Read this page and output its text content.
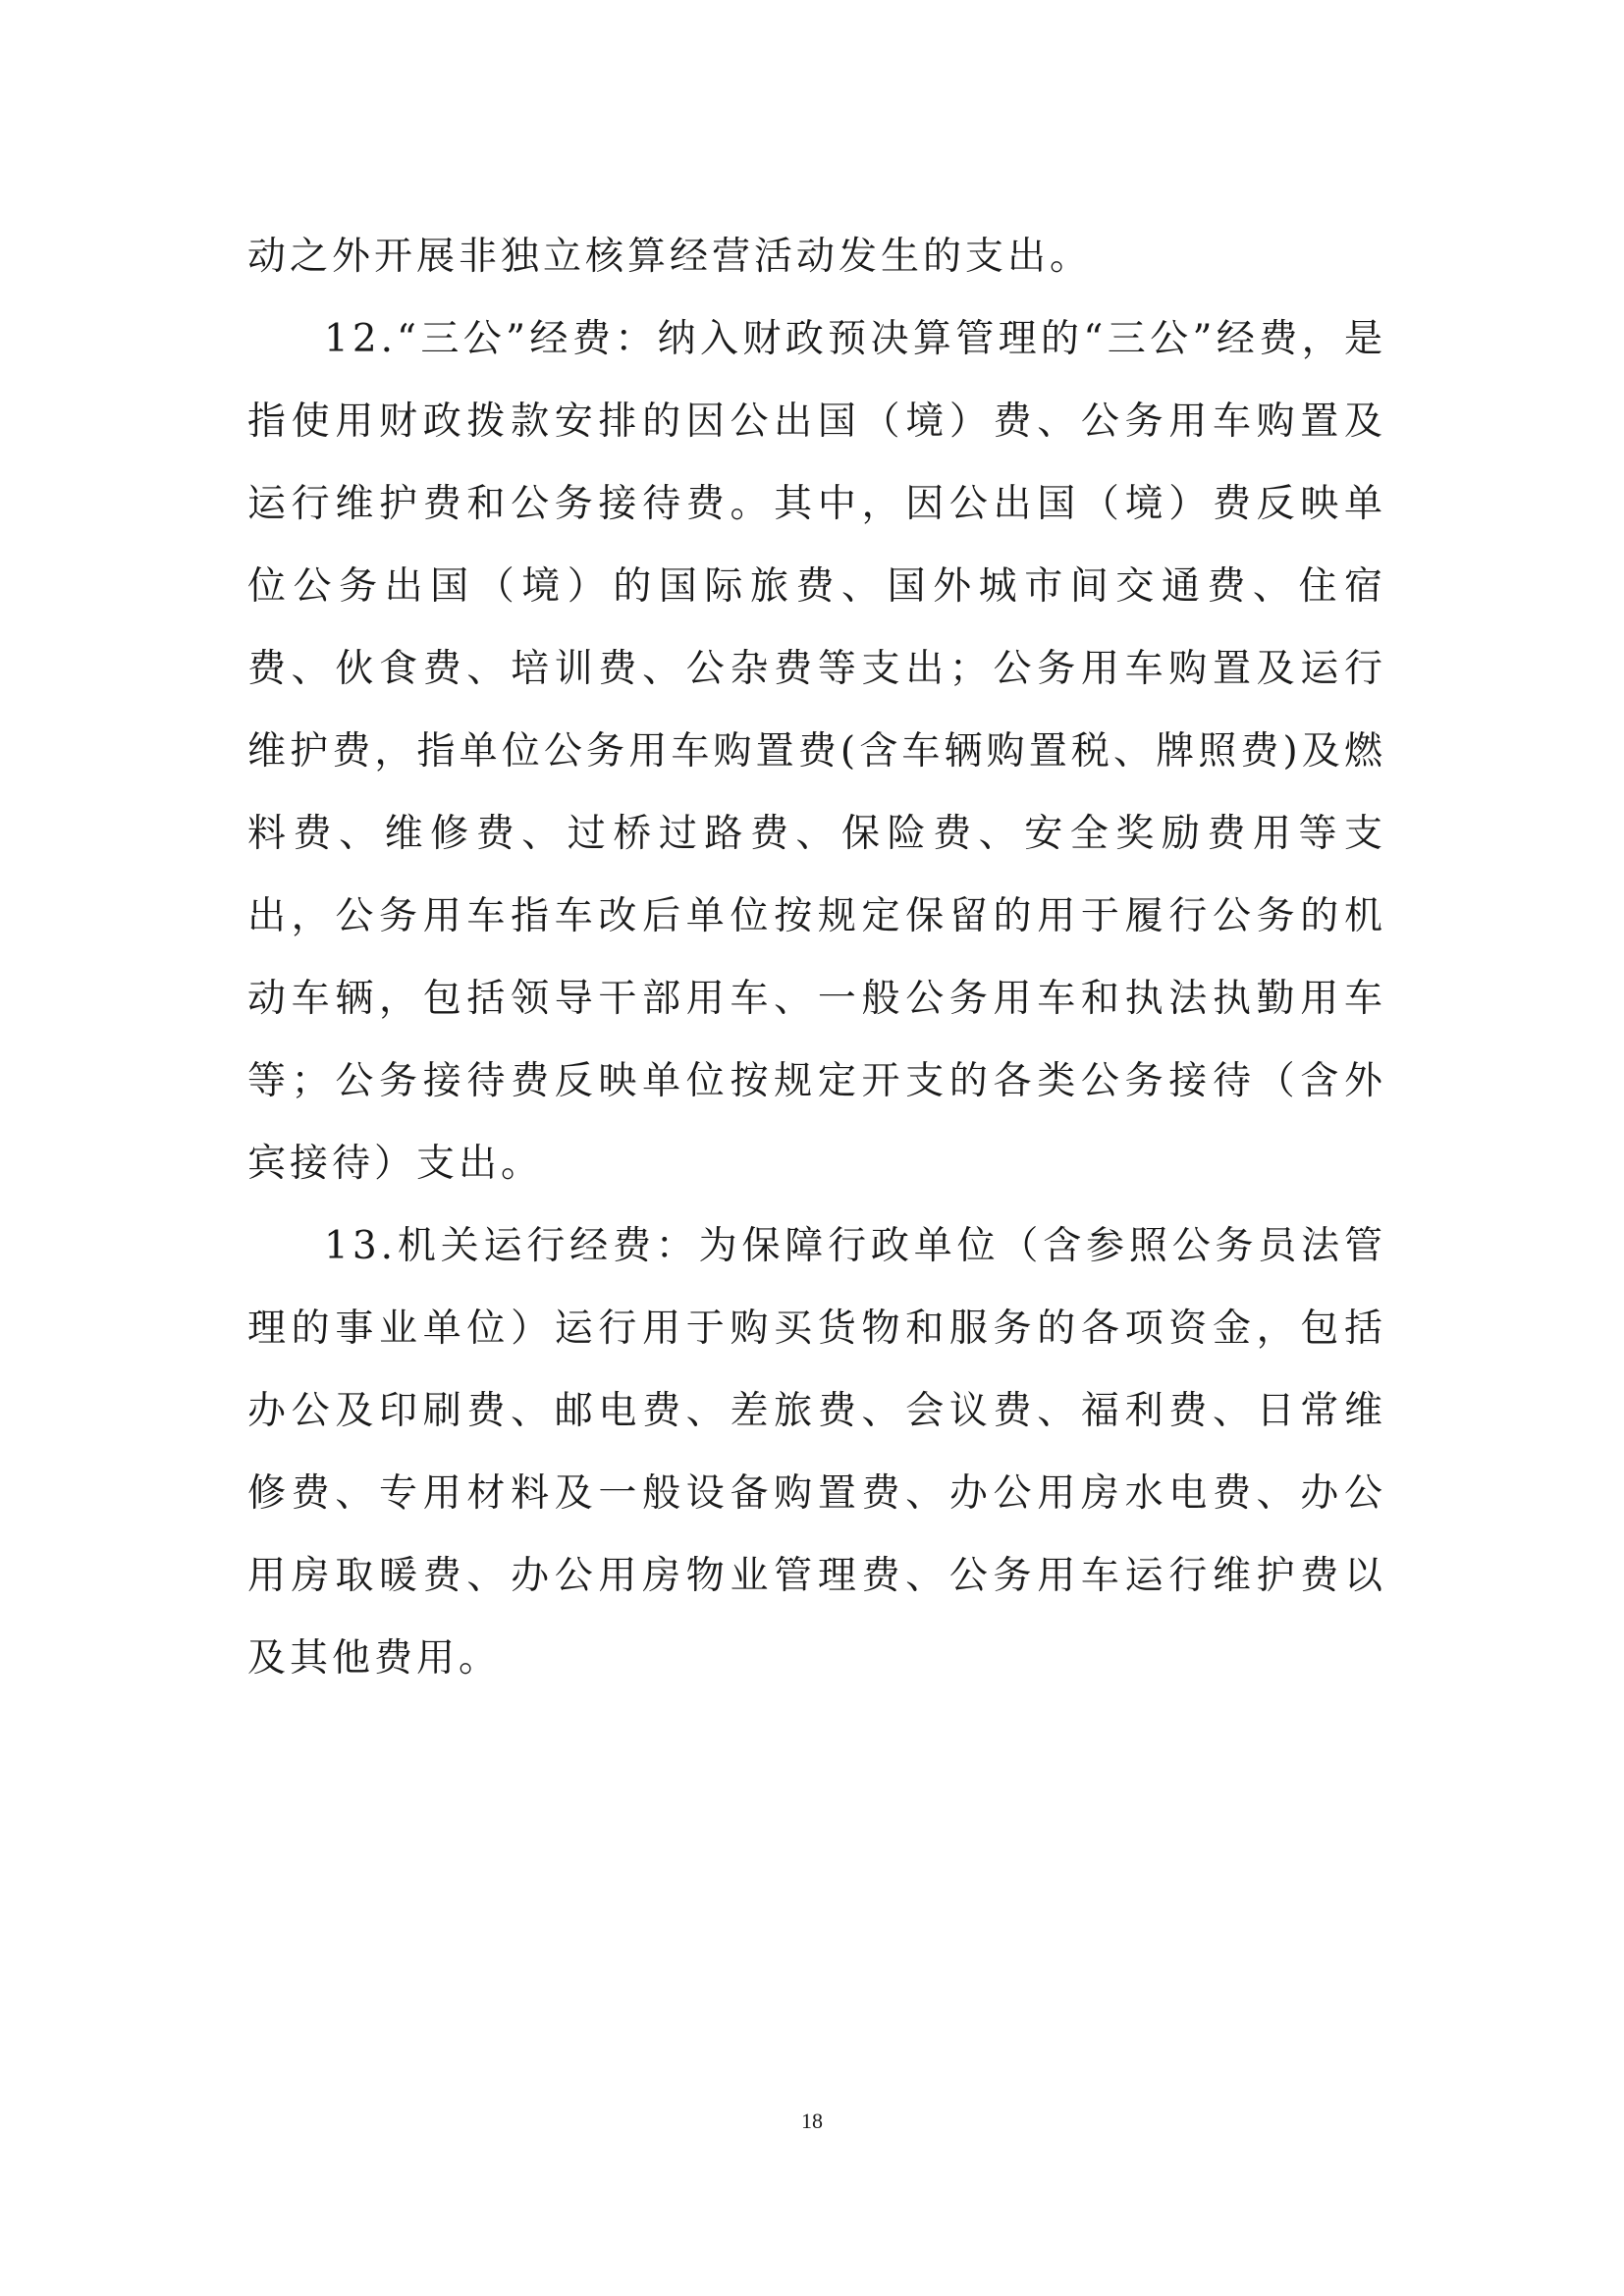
动之外开展非独立核算经营活动发生的支出。

12.“三公”经费：纳入财政预决算管理的“三公”经费，是指使用财政拨款安排的因公出国（境）费、公务用车购置及运行维护费和公务接待费。其中，因公出国（境）费反映单位公务出国（境）的国际旅费、国外城市间交通费、住宿费、伙食费、培训费、公杂费等支出；公务用车购置及运行维护费，指单位公务用车购置费(含车辆购置税、牌照费)及燃料费、维修费、过桥过路费、保险费、安全奖励费用等支出，公务用车指车改后单位按规定保留的用于履行公务的机动车辆，包括领导干部用车、一般公务用车和执法执勤用车等；公务接待费反映单位按规定开支的各类公务接待（含外宾接待）支出。

13.机关运行经费：为保障行政单位（含参照公务员法管理的事业单位）运行用于购买货物和服务的各项资金，包括办公及印刷费、邮电费、差旅费、会议费、福利费、日常维修费、专用材料及一般设备购置费、办公用房水电费、办公用房取暖费、办公用房物业管理费、公务用车运行维护费以及其他费用。

18
